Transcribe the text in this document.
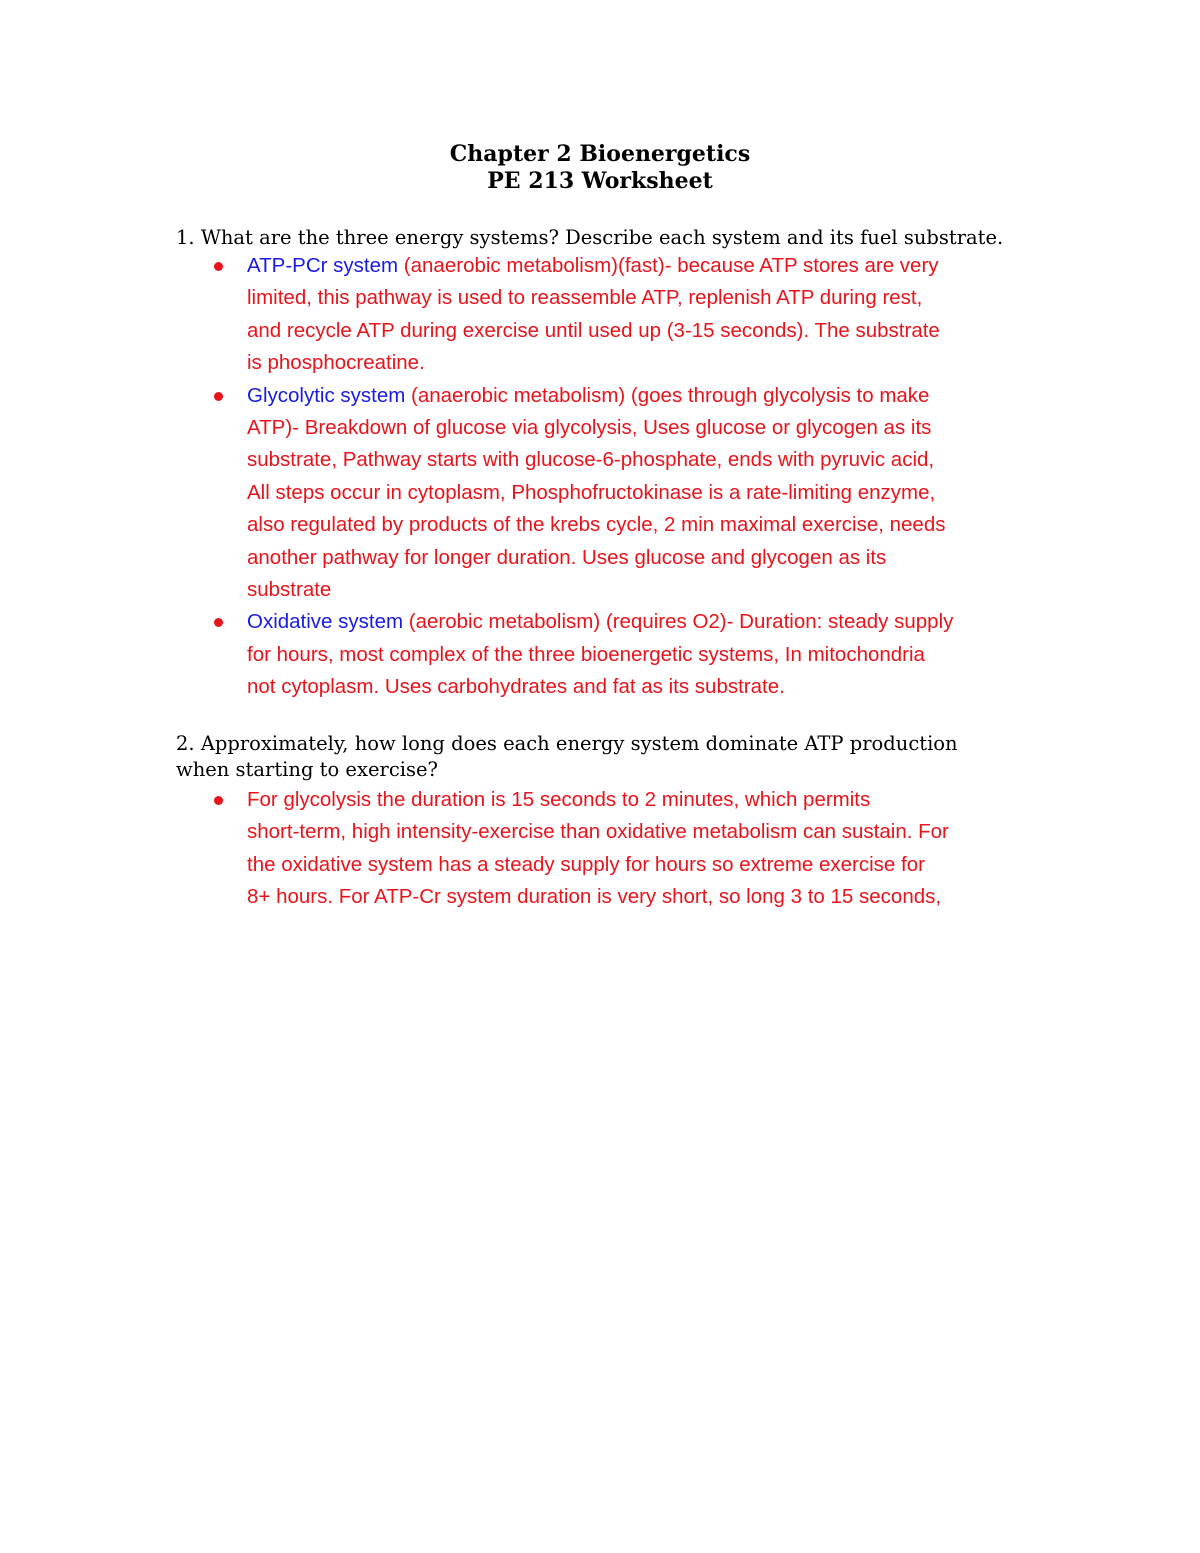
Chapter 2 Bioenergetics
PE 213 Worksheet
1. What are the three energy systems? Describe each system and its fuel substrate.
ATP-PCr system (anaerobic metabolism)(fast)- because ATP stores are very
limited, this pathway is used to reassemble ATP, replenish ATP during rest,
and recycle ATP during exercise until used up (3-15 seconds). The substrate
is phosphocreatine.
Glycolytic system (anaerobic metabolism) (goes through glycolysis to make
ATP)- Breakdown of glucose via glycolysis, Uses glucose or glycogen as its
substrate, Pathway starts with glucose-6-phosphate, ends with pyruvic acid,
All steps occur in cytoplasm, Phosphofructokinase is a rate-limiting enzyme,
also regulated by products of the krebs cycle, 2 min maximal exercise, needs
another pathway for longer duration. Uses glucose and glycogen as its
substrate
Oxidative system (aerobic metabolism) (requires O2)- Duration: steady supply
for hours, most complex of the three bioenergetic systems, In mitochondria
not cytoplasm. Uses carbohydrates and fat as its substrate.
2. Approximately, how long does each energy system dominate ATP production
when starting to exercise?
For glycolysis the duration is 15 seconds to 2 minutes, which permits
short-term, high intensity-exercise than oxidative metabolism can sustain. For
the oxidative system has a steady supply for hours so extreme exercise for
8+ hours. For ATP-Cr system duration is very short, so long 3 to 15 seconds,
